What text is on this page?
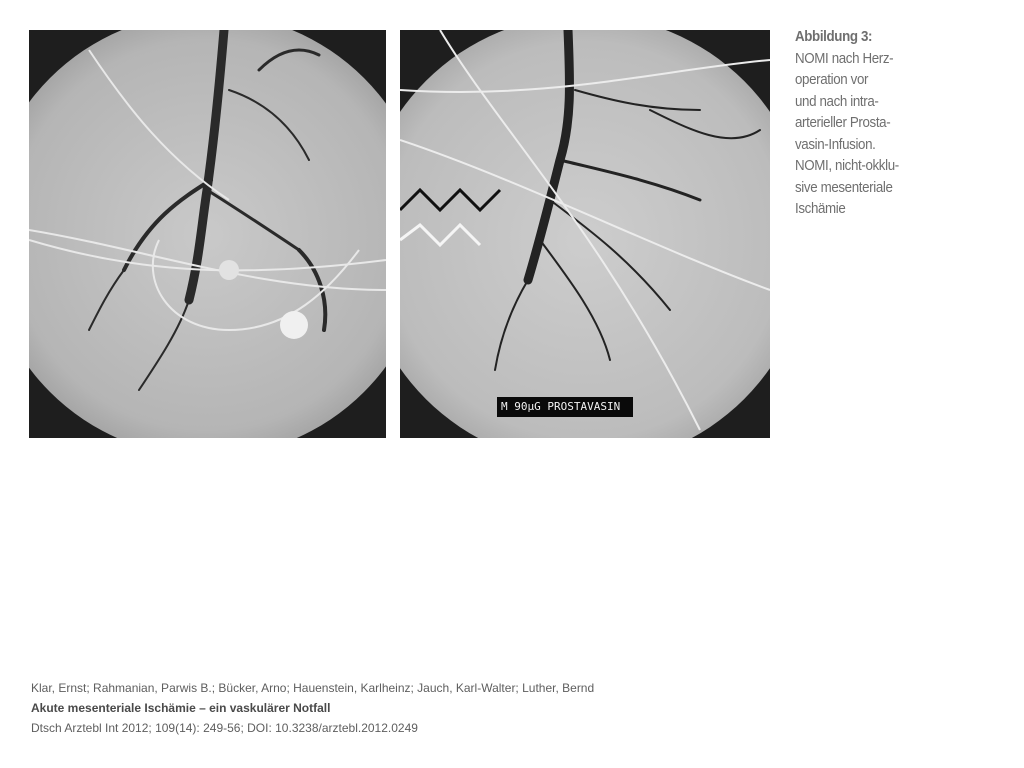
M 90µG PROSTAVASIN
Abbildung 3:
NOMI nach Herz-
operation vor
und nach intra-
arterieller Prosta-
vasin-Infusion.
NOMI, nicht-okklu-
sive mesenteriale
Ischämie
Klar, Ernst; Rahmanian, Parwis B.; Bücker, Arno; Hauenstein, Karlheinz; Jauch, Karl-Walter; Luther, Bernd
Akute mesenteriale Ischämie – ein vaskulärer Notfall
Dtsch Arztebl Int 2012; 109(14): 249-56; DOI: 10.3238/arztebl.2012.0249
